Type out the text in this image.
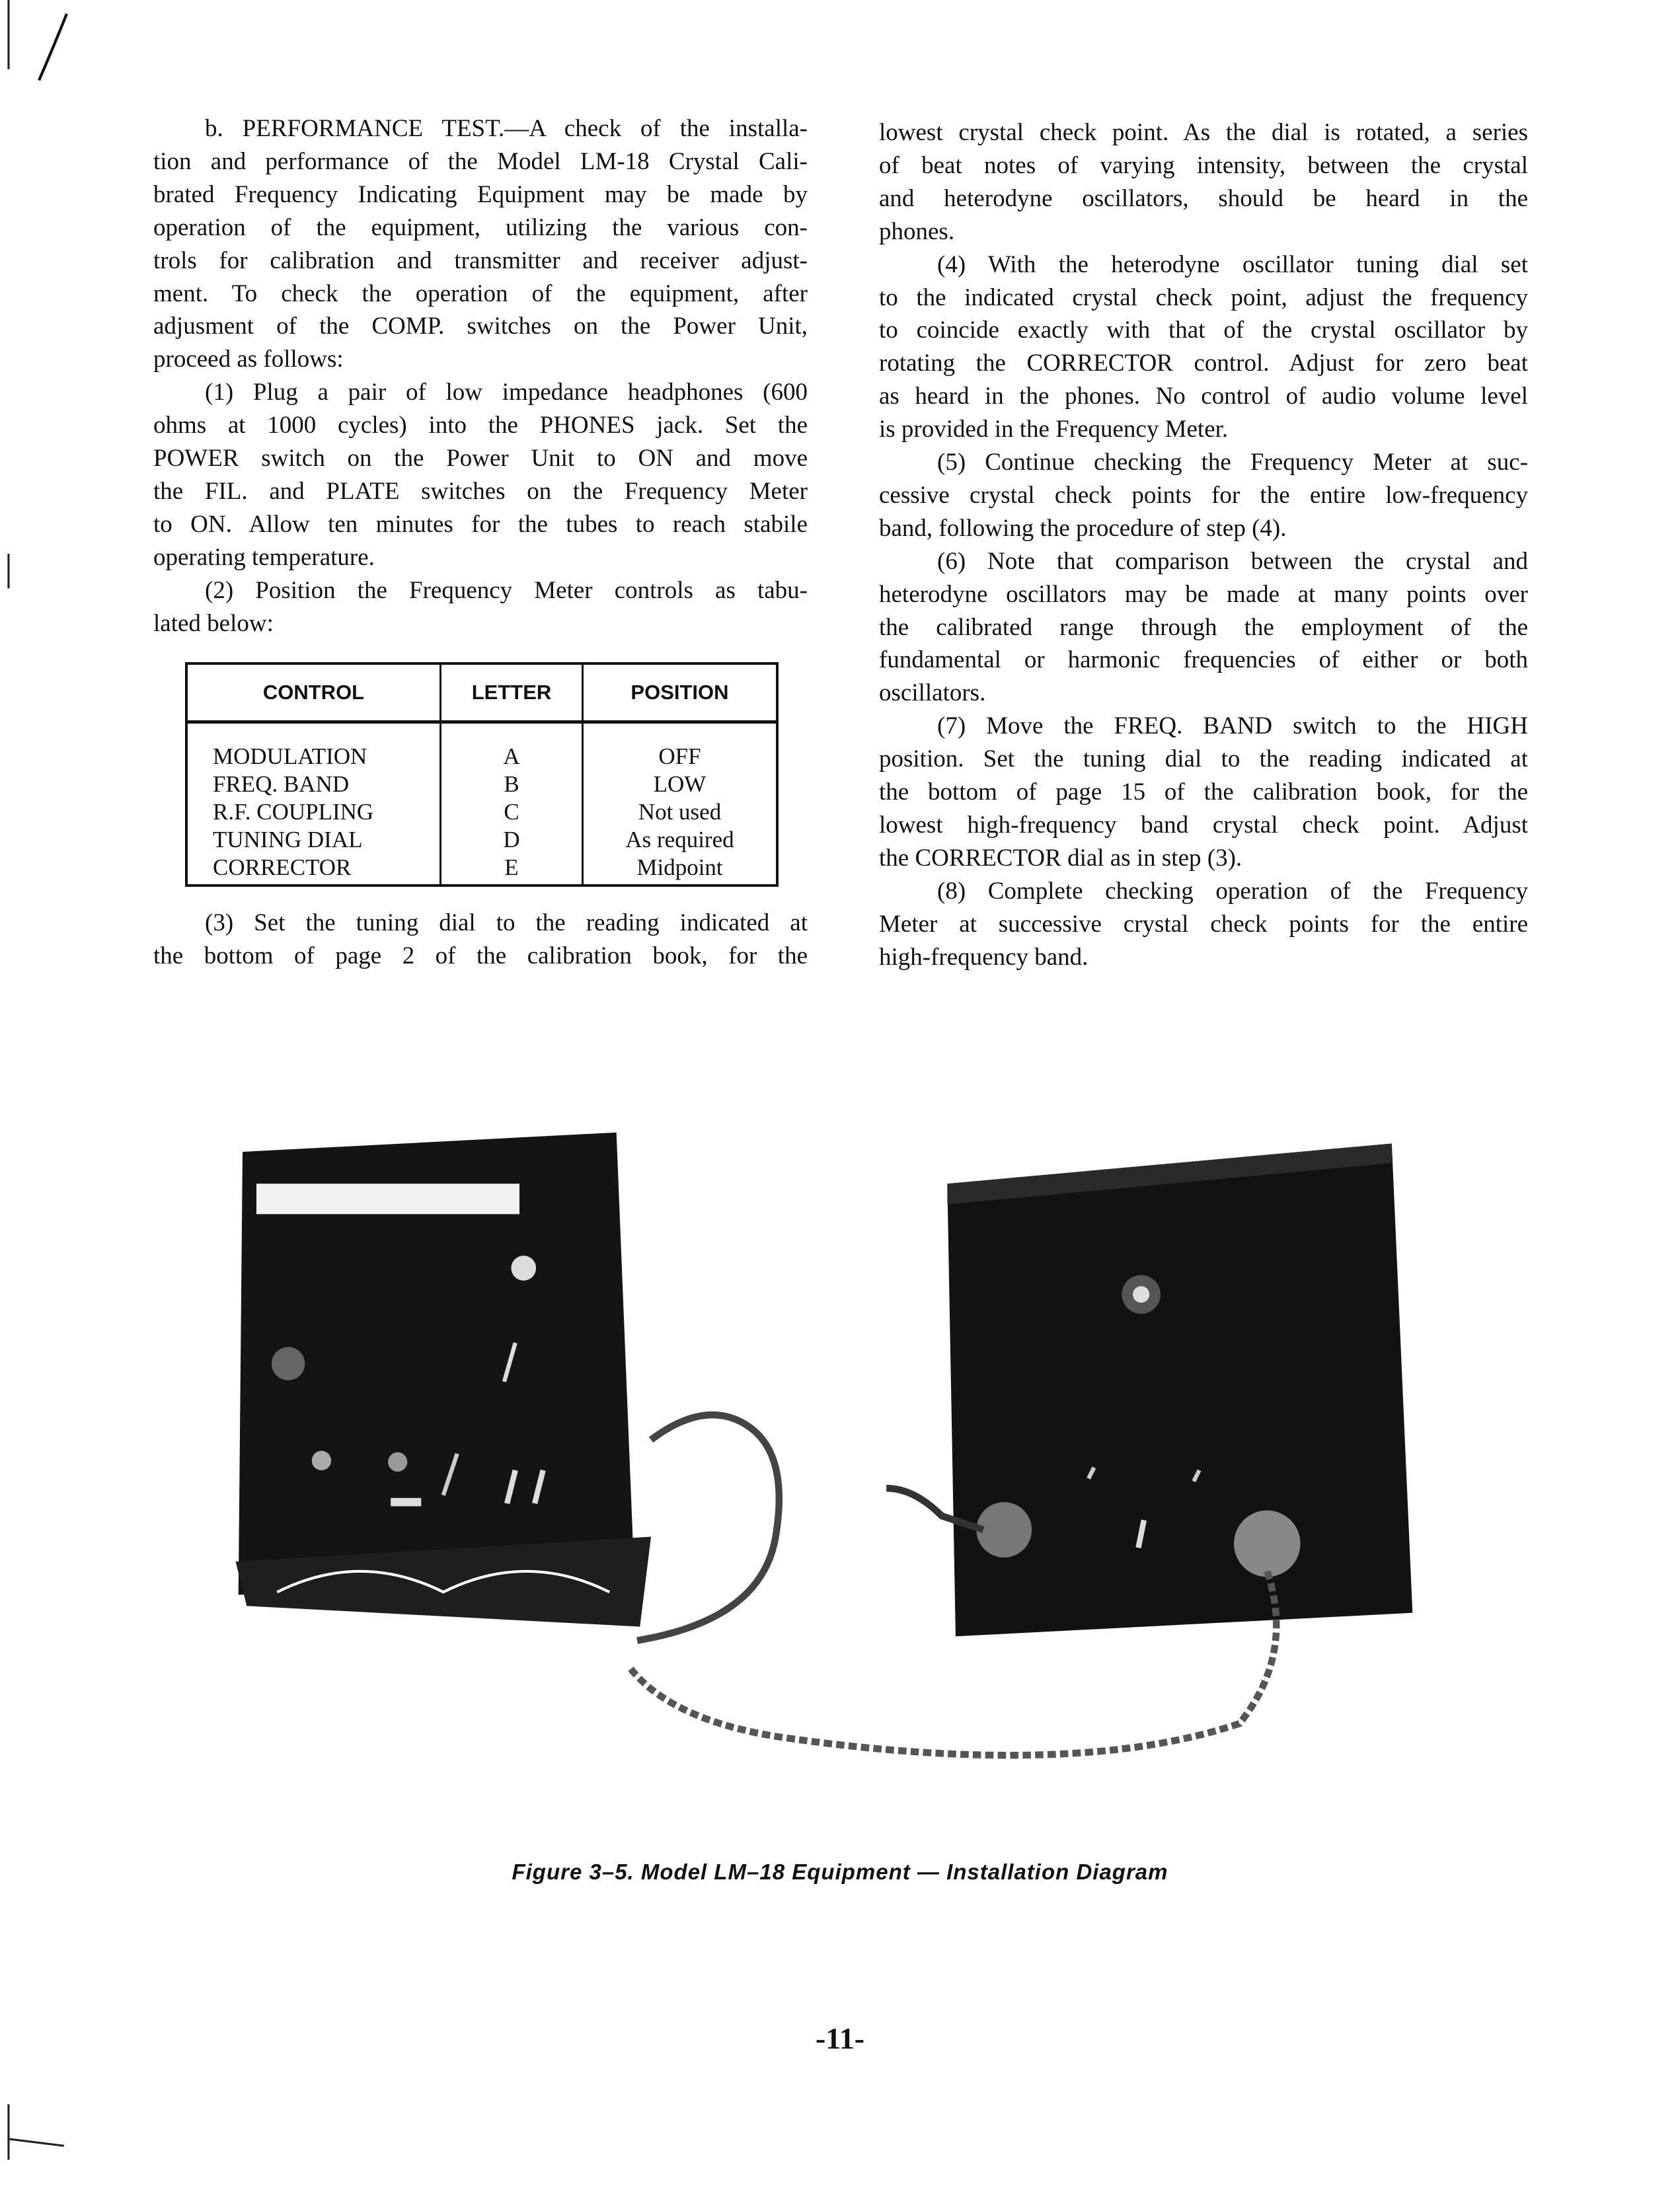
b. PERFORMANCE TEST.—A check of the installa-
tion and performance of the Model LM-18 Crystal Cali-
brated Frequency Indicating Equipment may be made by
operation of the equipment, utilizing the various con-
trols for calibration and transmitter and receiver adjust-
ment. To check the operation of the equipment, after
adjusment of the COMP. switches on the Power Unit,
proceed as follows:
(1) Plug a pair of low impedance headphones (600
ohms at 1000 cycles) into the PHONES jack. Set the
POWER switch on the Power Unit to ON and move
the FIL. and PLATE switches on the Frequency Meter
to ON. Allow ten minutes for the tubes to reach stabile
operating temperature.
(2) Position the Frequency Meter controls as tabu-
lated below:
(3) Set the tuning dial to the reading indicated at
the bottom of page 2 of the calibration book, for the
lowest crystal check point. As the dial is rotated, a series
of beat notes of varying intensity, between the crystal
and heterodyne oscillators, should be heard in the
phones.
(4) With the heterodyne oscillator tuning dial set
to the indicated crystal check point, adjust the frequency
to coincide exactly with that of the crystal oscillator by
rotating the CORRECTOR control. Adjust for zero beat
as heard in the phones. No control of audio volume level
is provided in the Frequency Meter.
(5) Continue checking the Frequency Meter at suc-
cessive crystal check points for the entire low-frequency
band, following the procedure of step (4).
(6) Note that comparison between the crystal and
heterodyne oscillators may be made at many points over
the calibrated range through the employment of the
fundamental or harmonic frequencies of either or both
oscillators.
(7) Move the FREQ. BAND switch to the HIGH
position. Set the tuning dial to the reading indicated at
the bottom of page 15 of the calibration book, for the
lowest high-frequency band crystal check point. Adjust
the CORRECTOR dial as in step (3).
(8) Complete checking operation of the Frequency
Meter at successive crystal check points for the entire
high-frequency band.
CONTROL	LETTER	POSITION
MODULATION	A	OFF
FREQ. BAND	B	LOW
R.F. COUPLING	C	Not used
TUNING DIAL	D	As required
CORRECTOR	E	Midpoint
Figure 3–5. Model LM–18 Equipment — Installation Diagram
-11-
